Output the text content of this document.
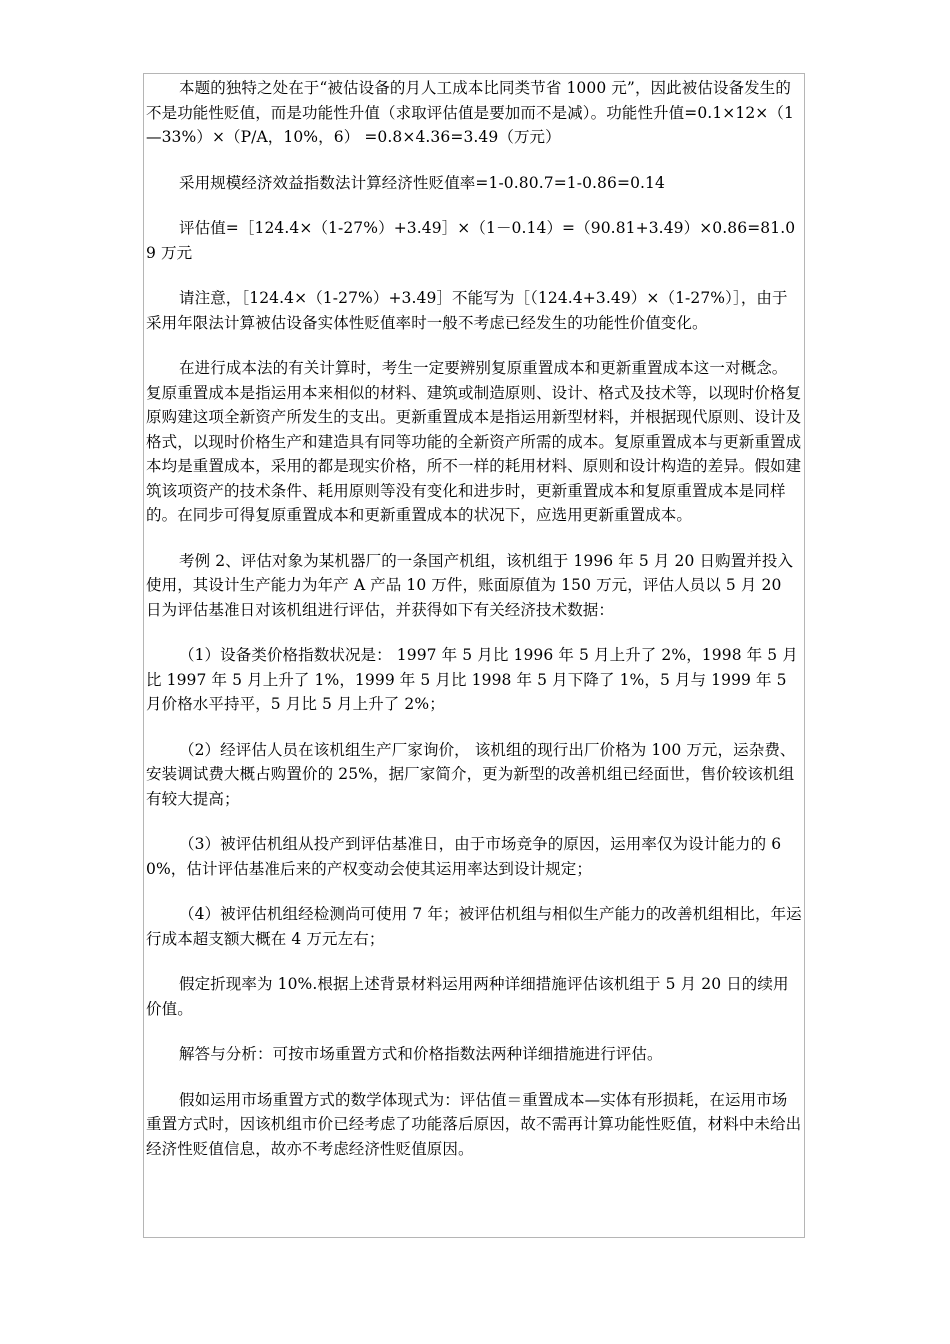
本题的独特之处在于“被估设备的月人工成本比同类节省 1000 元”，因此被估设备发生的不是功能性贬值，而是功能性升值（求取评估值是要加而不是减）。功能性升值=0.1×12×（1—33%）×（P/A，10%，6） =0.8×4.36=3.49（万元）

采用规模经济效益指数法计算经济性贬值率=1-0.80.7=1-0.86=0.14

评估值=［124.4×（1-27%）+3.49］×（1－0.14）=（90.81+3.49）×0.86=81.09 万元

请注意，［124.4×（1-27%）+3.49］不能写为［（124.4+3.49）×（1-27%）］，由于采用年限法计算被估设备实体性贬值率时一般不考虑已经发生的功能性价值变化。

在进行成本法的有关计算时，考生一定要辨别复原重置成本和更新重置成本这一对概念。复原重置成本是指运用本来相似的材料、建筑或制造原则、设计、格式及技术等，以现时价格复原购建这项全新资产所发生的支出。更新重置成本是指运用新型材料，并根据现代原则、设计及格式，以现时价格生产和建造具有同等功能的全新资产所需的成本。复原重置成本与更新重置成本均是重置成本，采用的都是现实价格，所不一样的耗用材料、原则和设计构造的差异。假如建筑该项资产的技术条件、耗用原则等没有变化和进步时，更新重置成本和复原重置成本是同样的。在同步可得复原重置成本和更新重置成本的状况下，应选用更新重置成本。

考例 2、评估对象为某机器厂的一条国产机组，该机组于 1996 年 5 月 20 日购置并投入使用，其设计生产能力为年产 A 产品 10 万件，账面原值为 150 万元，评估人员以 5 月 20 日为评估基准日对该机组进行评估，并获得如下有关经济技术数据：

（1）设备类价格指数状况是： 1997 年 5 月比 1996 年 5 月上升了 2%，1998 年 5 月比 1997 年 5 月上升了 1%，1999 年 5 月比 1998 年 5 月下降了 1%，5 月与 1999 年 5 月价格水平持平，5 月比 5 月上升了 2%；

（2）经评估人员在该机组生产厂家询价， 该机组的现行出厂价格为 100 万元，运杂费、安装调试费大概占购置价的 25%，据厂家简介，更为新型的改善机组已经面世，售价较该机组有较大提高；

（3）被评估机组从投产到评估基准日，由于市场竞争的原因，运用率仅为设计能力的 60%，估计评估基准后来的产权变动会使其运用率达到设计规定；

（4）被评估机组经检测尚可使用 7 年；被评估机组与相似生产能力的改善机组相比，年运行成本超支额大概在 4 万元左右；

假定折现率为 10%.根据上述背景材料运用两种详细措施评估该机组于 5 月 20 日的续用价值。

解答与分析：可按市场重置方式和价格指数法两种详细措施进行评估。

假如运用市场重置方式的数学体现式为：评估值＝重置成本—实体有形损耗，在运用市场重置方式时，因该机组市价已经考虑了功能落后原因，故不需再计算功能性贬值，材料中未给出经济性贬值信息，故亦不考虑经济性贬值原因。
